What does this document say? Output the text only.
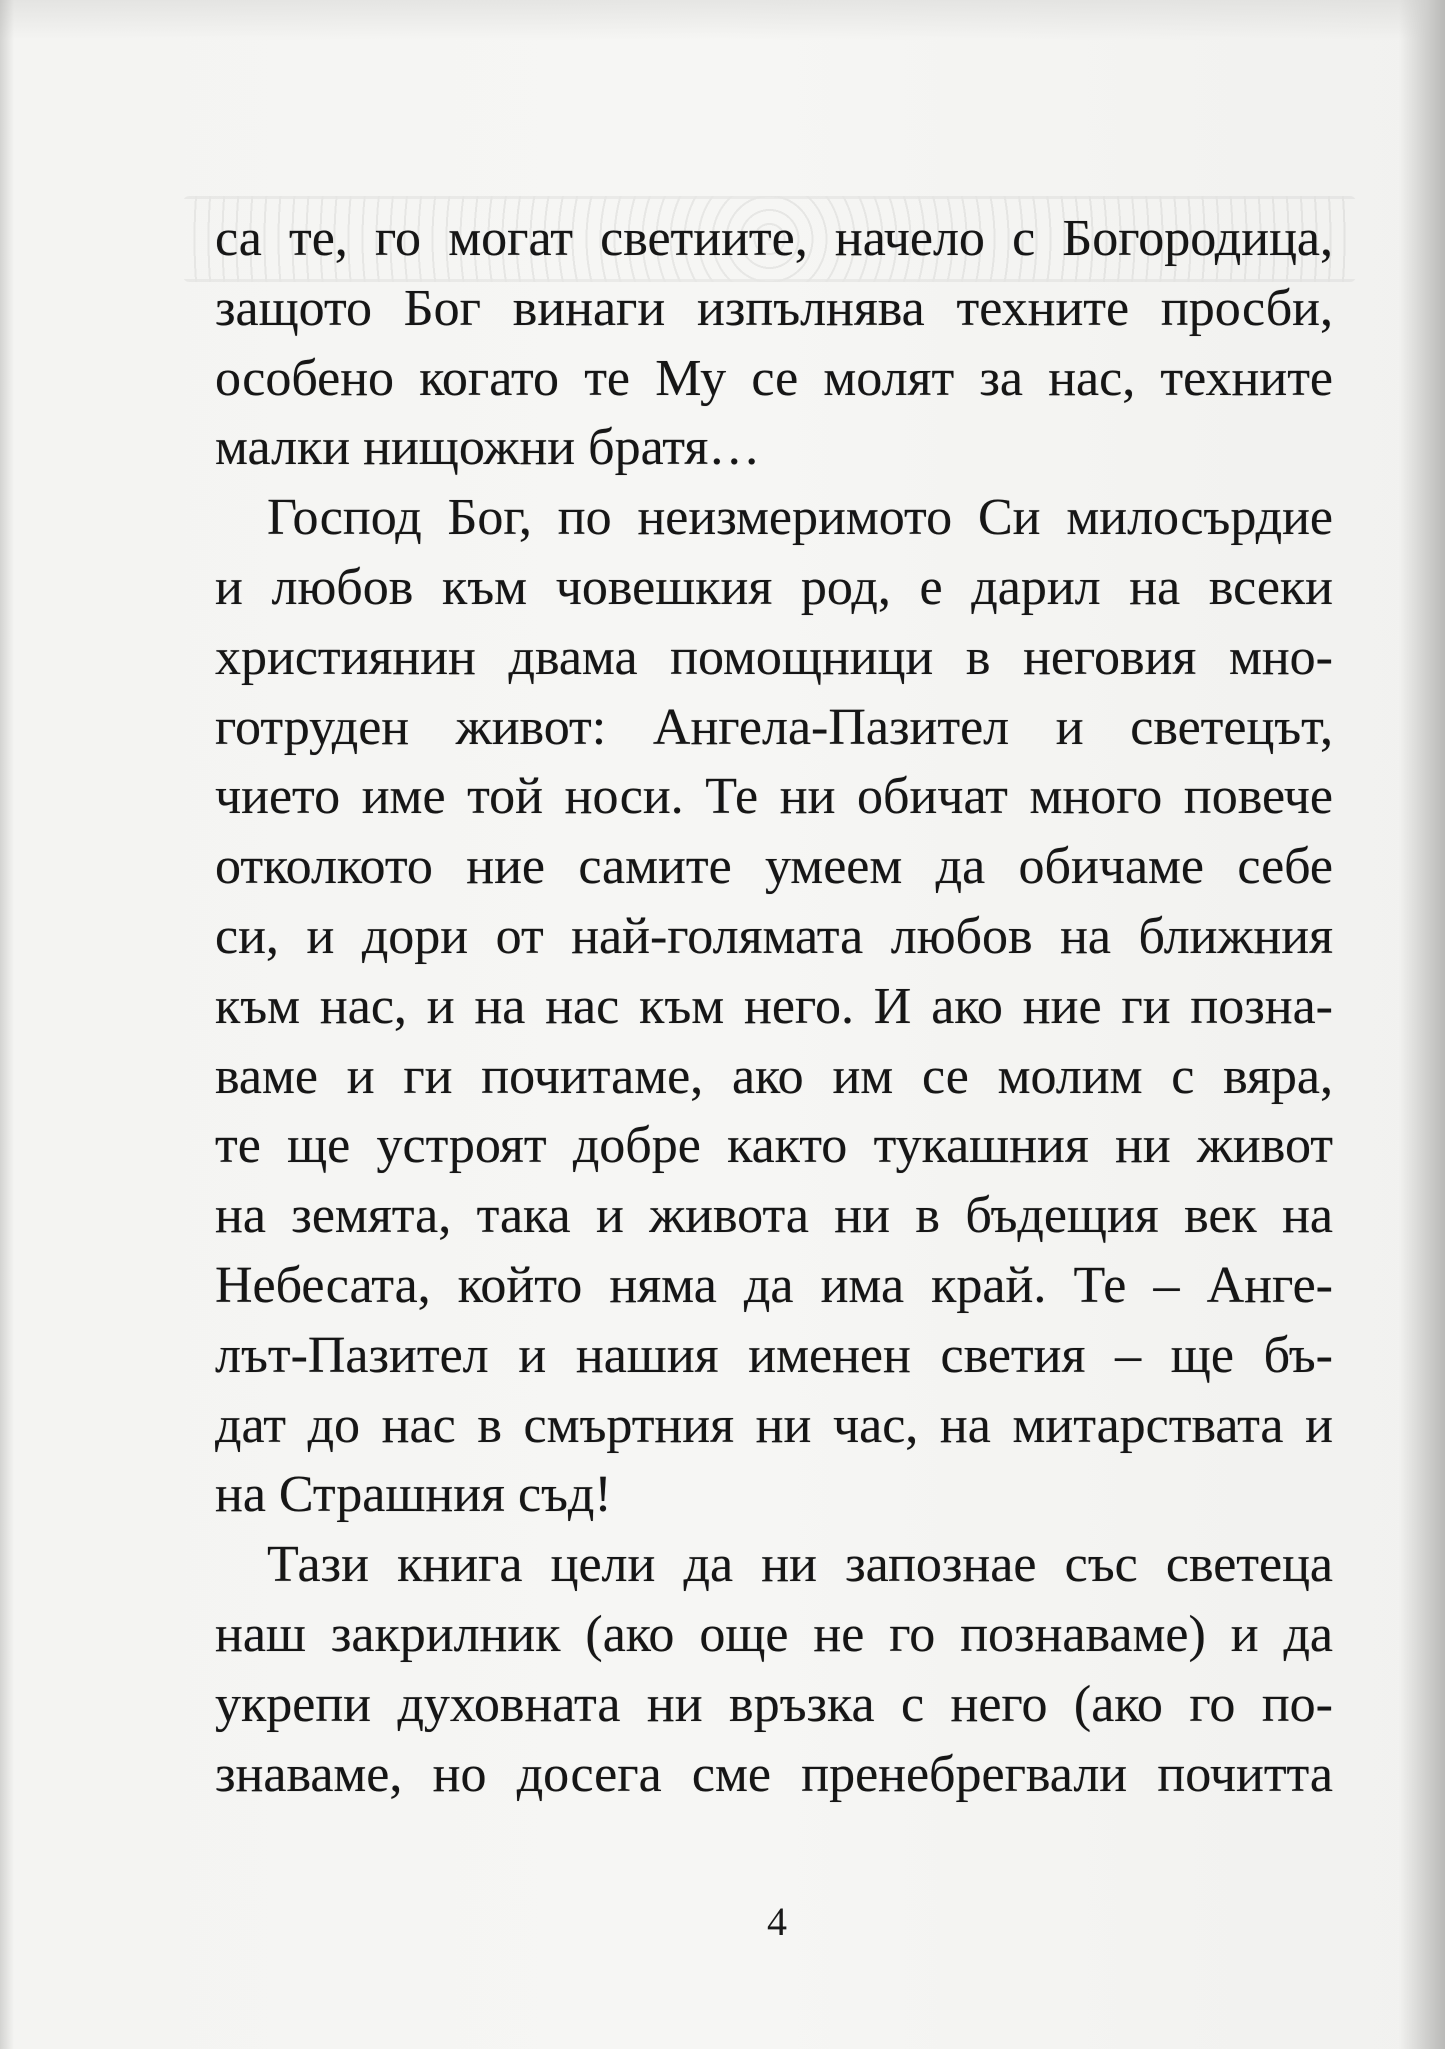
са те, го могат светиите, начело с Богородица,
защото Бог винаги изпълнява техните просби,
особено когато те Му се молят за нас, техните
малки нищожни братя…
Господ Бог, по неизмеримото Си милосърдие
и любов към човешкия род, е дарил на всеки
християнин двама помощници в неговия мно-
готруден живот: Ангела-Пазител и светецът,
чието име той носи. Те ни обичат много повече
отколкото ние самите умеем да обичаме себе
си, и дори от най-голямата любов на ближния
към нас, и на нас към него. И ако ние ги позна-
ваме и ги почитаме, ако им се молим с вяра,
те ще устроят добре както тукашния ни живот
на земята, така и живота ни в бъдещия век на
Небесата, който няма да има край. Те – Анге-
лът-Пазител и нашия именен светия – ще бъ-
дат до нас в смъртния ни час, на митарствата и
на Страшния съд!
Тази книга цели да ни запознае със светеца
наш закрилник (ако още не го познаваме) и да
укрепи духовната ни връзка с него (ако го по-
знаваме, но досега сме пренебрегвали почитта
4
